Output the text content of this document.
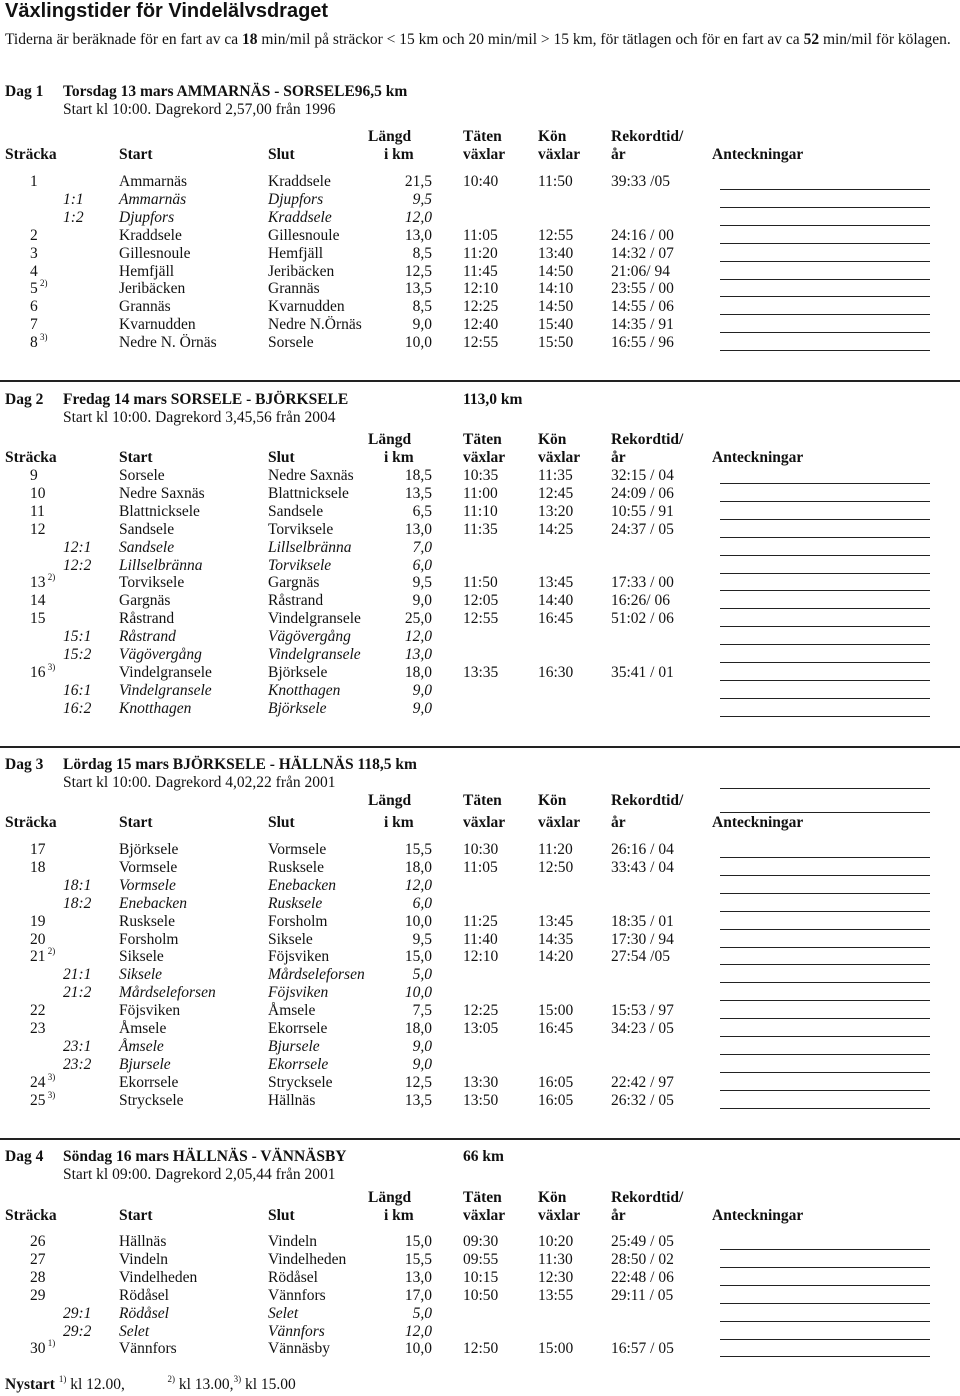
Växlingstider för Vindelälvsdraget
Tiderna är beräknade för en fart av ca 18 min/mil på sträckor < 15 km och 20 min/mil > 15 km, för tätlagen och för en fart av ca 52 min/mil för kölagen.
Dag 1 Torsdag 13 mars AMMARNÄS - SORSELE96,5 km
Start kl 10:00. Dagrekord 2,57,00 från 1996
Längd	Täten Kön	Rekordtid/
Sträcka	Start	Slut	i km	växlar växlar år	Anteckningar
1	Ammarnäs	Kraddsele	21,5 10:40	11:50 39:33 /05
1:1 Ammarnäs	Djupfors	9,5
1:2 Djupfors	Kraddsele	12,0
2	Kraddsele	Gillesnoule	13,0 11:05	12:55 24:16 / 00
3	Gillesnoule	Hemfjäll	8,5 11:20	13:40 14:32 / 07
4	Hemfjäll	Jeribäcken	12,5 11:45	14:50 21:06/ 94
5 $^{2)}$	Jeribäcken	Grannäs	13,5 12:10	14:10 23:55 / 00
6	Grannäs	Kvarnudden	8,5 12:25	14:50 14:55 / 06
7	Kvarnudden	Nedre N.Örnäs	9,0 12:40	15:40 14:35 / 91
8 $^{3)}$	Nedre N. Örnäs	Sorsele	10,0 12:55	15:50 16:55 / 96
Dag 2 Fredag 14 mars SORSELE - BJÖRKSELE	113,0 km
Start kl 10:00. Dagrekord 3,45,56 från 2004
Längd	Täten Kön	Rekordtid/
Sträcka	Start	Slut	i km	växlar växlar år	Anteckningar
9	Sorsele	Nedre Saxnäs	18,5 10:35	11:35 32:15 / 04
10	Nedre Saxnäs	Blattnicksele	13,5 11:00	12:45 24:09 / 06
11	Blattnicksele	Sandsele	6,5 11:10	13:20 10:55 / 91
12	Sandsele	Torviksele	13,0 11:35	14:25 24:37 / 05
12:1 Sandsele	Lillselbränna	7,0
12:2 Lillselbränna	Torviksele	6,0
13 $^{2)}$	Torviksele	Gargnäs	9,5 11:50	13:45 17:33 / 00
14	Gargnäs	Råstrand	9,0 12:05	14:40 16:26/ 06
15	Råstrand	Vindelgransele	25,0 12:55	16:45 51:02 / 06
15:1 Råstrand	Vägövergång	12,0
15:2 Vägövergång	Vindelgransele	13,0
16 $^{3)}$	Vindelgransele	Björksele	18,0 13:35	16:30 35:41 / 01
16:1 Vindelgransele	Knotthagen	9,0
16:2 Knotthagen	Björksele	9,0
Dag 3 Lördag 15 mars BJÖRKSELE - HÄLLNÄS 118,5 km
Start kl 10:00. Dagrekord 4,02,22 från 2001
Längd	Täten Kön	Rekordtid/
Sträcka	Start	Slut	i km	växlar växlar år	Anteckningar
17	Björksele	Vormsele	15,5 10:30	11:20 26:16 / 04
18	Vormsele	Rusksele	18,0 11:05	12:50 33:43 / 04
18:1 Vormsele	Enebacken	12,0
18:2 Enebacken	Rusksele	6,0
19	Rusksele	Forsholm	10,0 11:25	13:45 18:35 / 01
20	Forsholm	Siksele	9,5 11:40	14:35 17:30 / 94
21 $^{2)}$	Siksele	Föjsviken	15,0 12:10	14:20 27:54 /05
21:1 Siksele	Mårdseleforsen	5,0
21:2 Mårdseleforsen	Föjsviken	10,0
22	Föjsviken	Åmsele	7,5 12:25	15:00 15:53 / 97
23	Åmsele	Ekorrsele	18,0 13:05	16:45 34:23 / 05
23:1 Åmsele	Bjursele	9,0
23:2 Bjursele	Ekorrsele	9,0
24 $^{3)}$	Ekorrsele	Strycksele	12,5 13:30	16:05 22:42 / 97
25 $^{3)}$	Strycksele	Hällnäs	13,5 13:50	16:05 26:32 / 05
Dag 4 Söndag 16 mars HÄLLNÄS - VÄNNÄSBY	66 km
Start kl 09:00. Dagrekord 2,05,44 från 2001
Längd	Täten Kön	Rekordtid/
Sträcka	Start	Slut	i km	växlar växlar år	Anteckningar
26	Hällnäs	Vindeln	15,0 09:30	10:20 25:49 / 05
27	Vindeln	Vindelheden	15,5 09:55	11:30 28:50 / 02
28	Vindelheden	Rödåsel	13,0 10:15	12:30 22:48 / 06
29	Rödåsel	Vännfors	17,0 10:50	13:55 29:11 / 05
29:1 Rödåsel	Selet	5,0
29:2 Selet	Vännfors	12,0
30 $^{1)}$	Vännfors	Vännäsby	10,0 12:50	15:00 16:57 / 05
Nystart $^{1)}$ kl 12.00,	$^{2)}$ kl 13.00,$^{3)}$ kl 15.00
